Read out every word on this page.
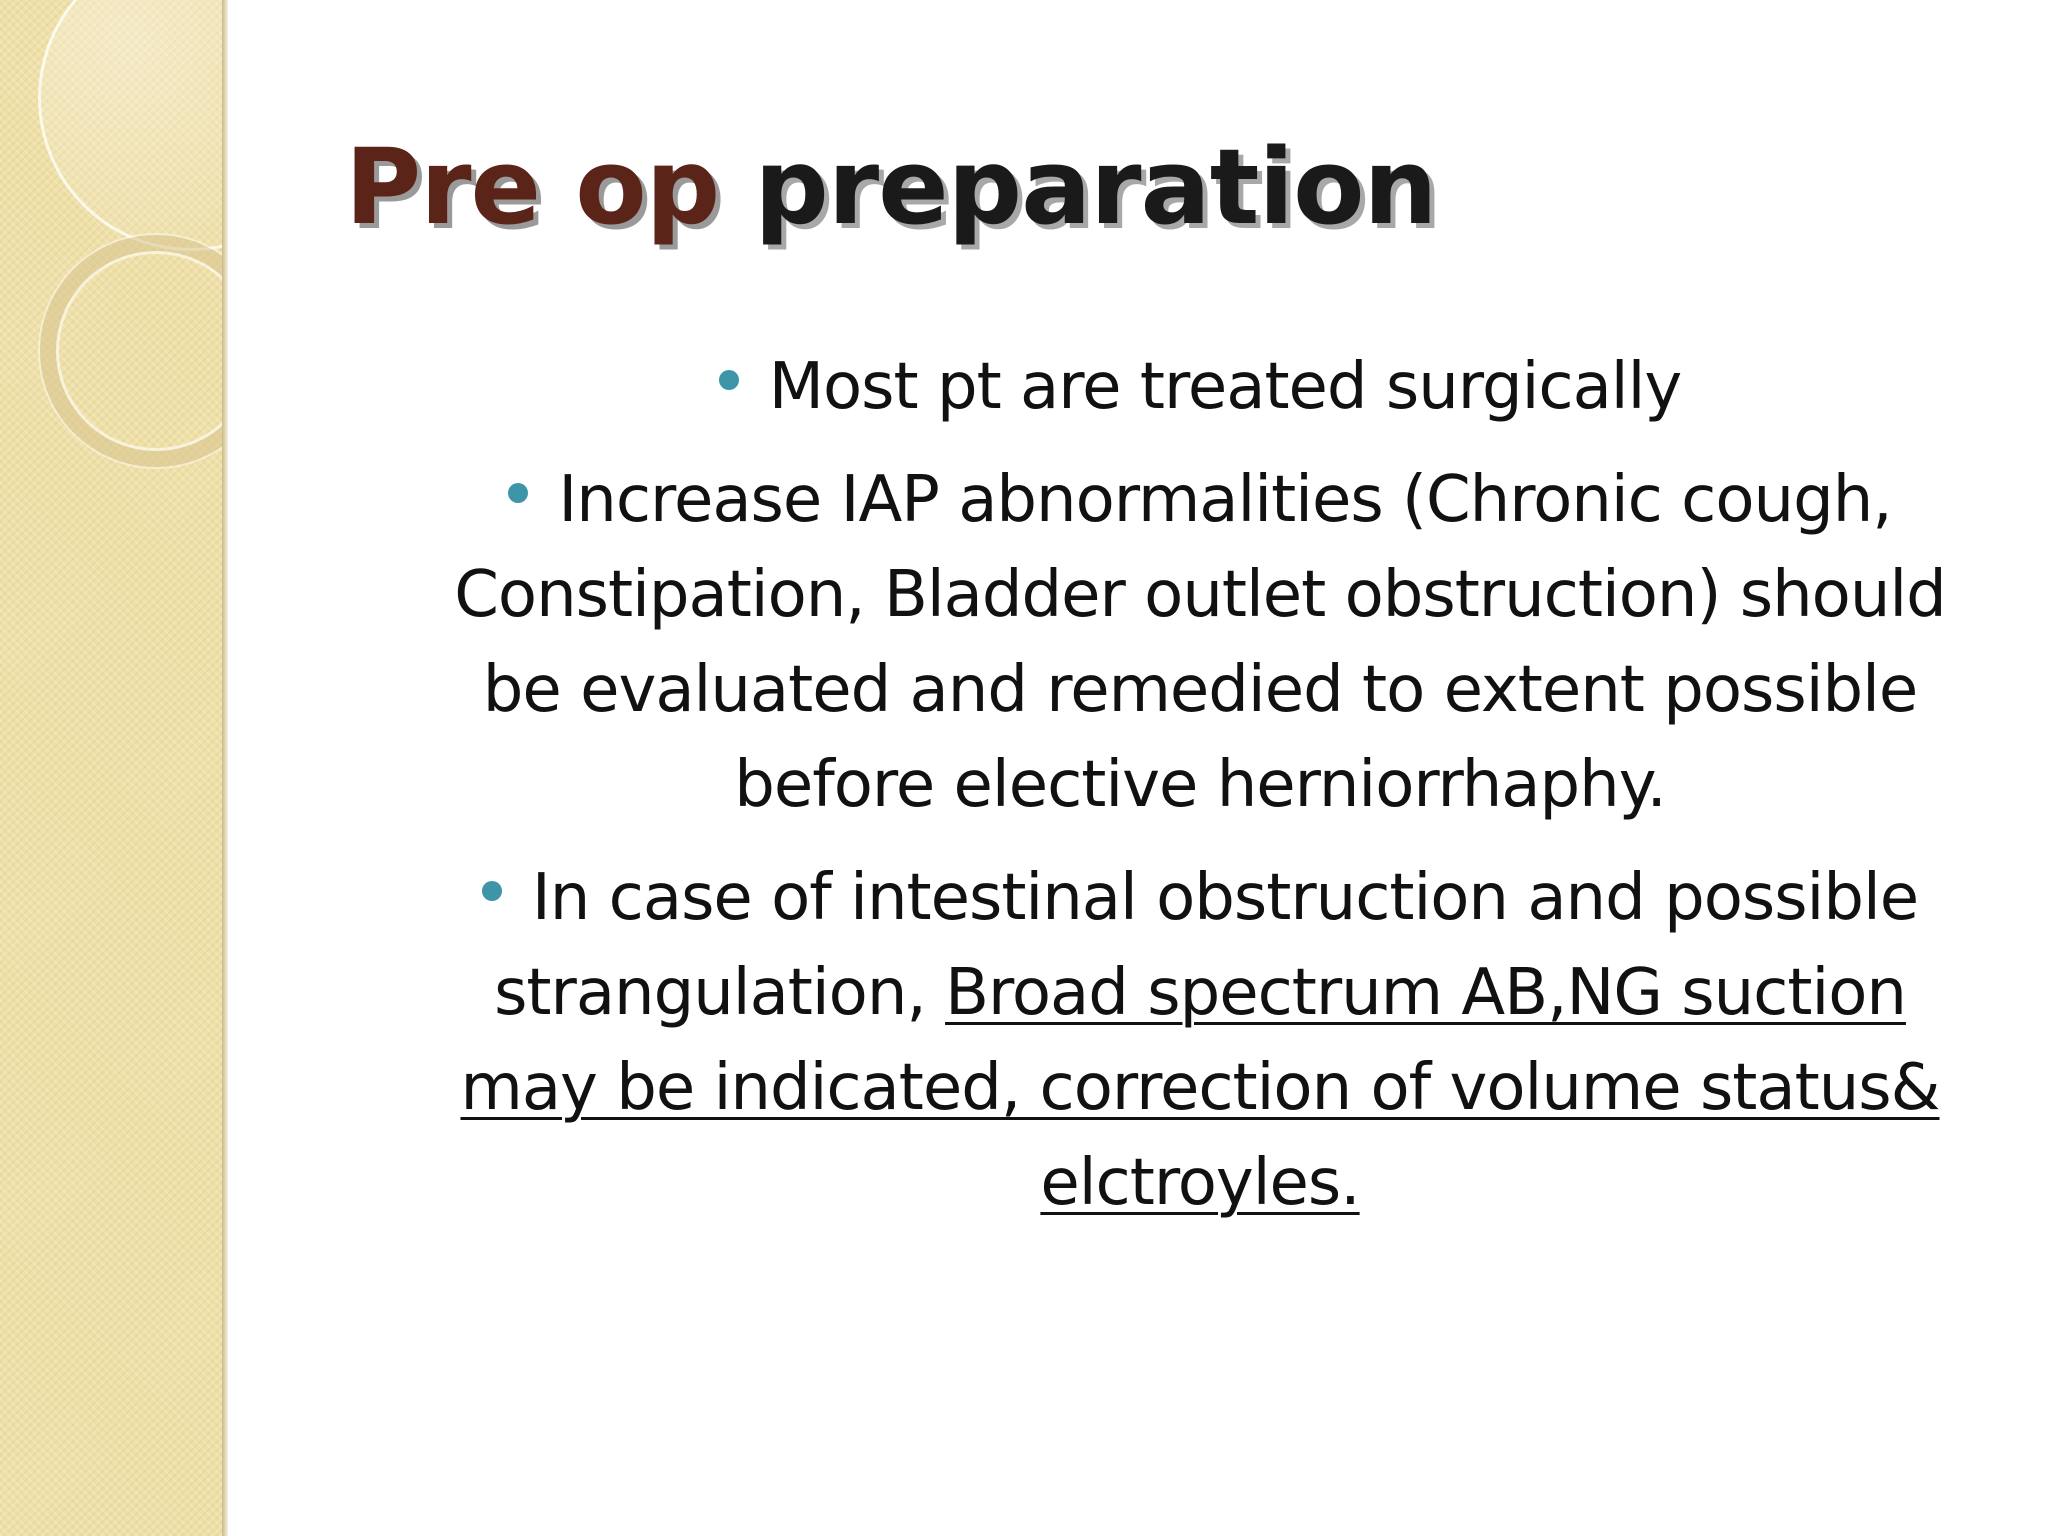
Pre op preparation

Most pt are treated surgically

Increase IAP abnormalities (Chronic cough, Constipation, Bladder outlet obstruction) should be evaluated and remedied to extent possible before elective herniorrhaphy.

In case of intestinal obstruction and possible strangulation, Broad spectrum AB,NG suction may be indicated, correction of volume status& elctroyles.
